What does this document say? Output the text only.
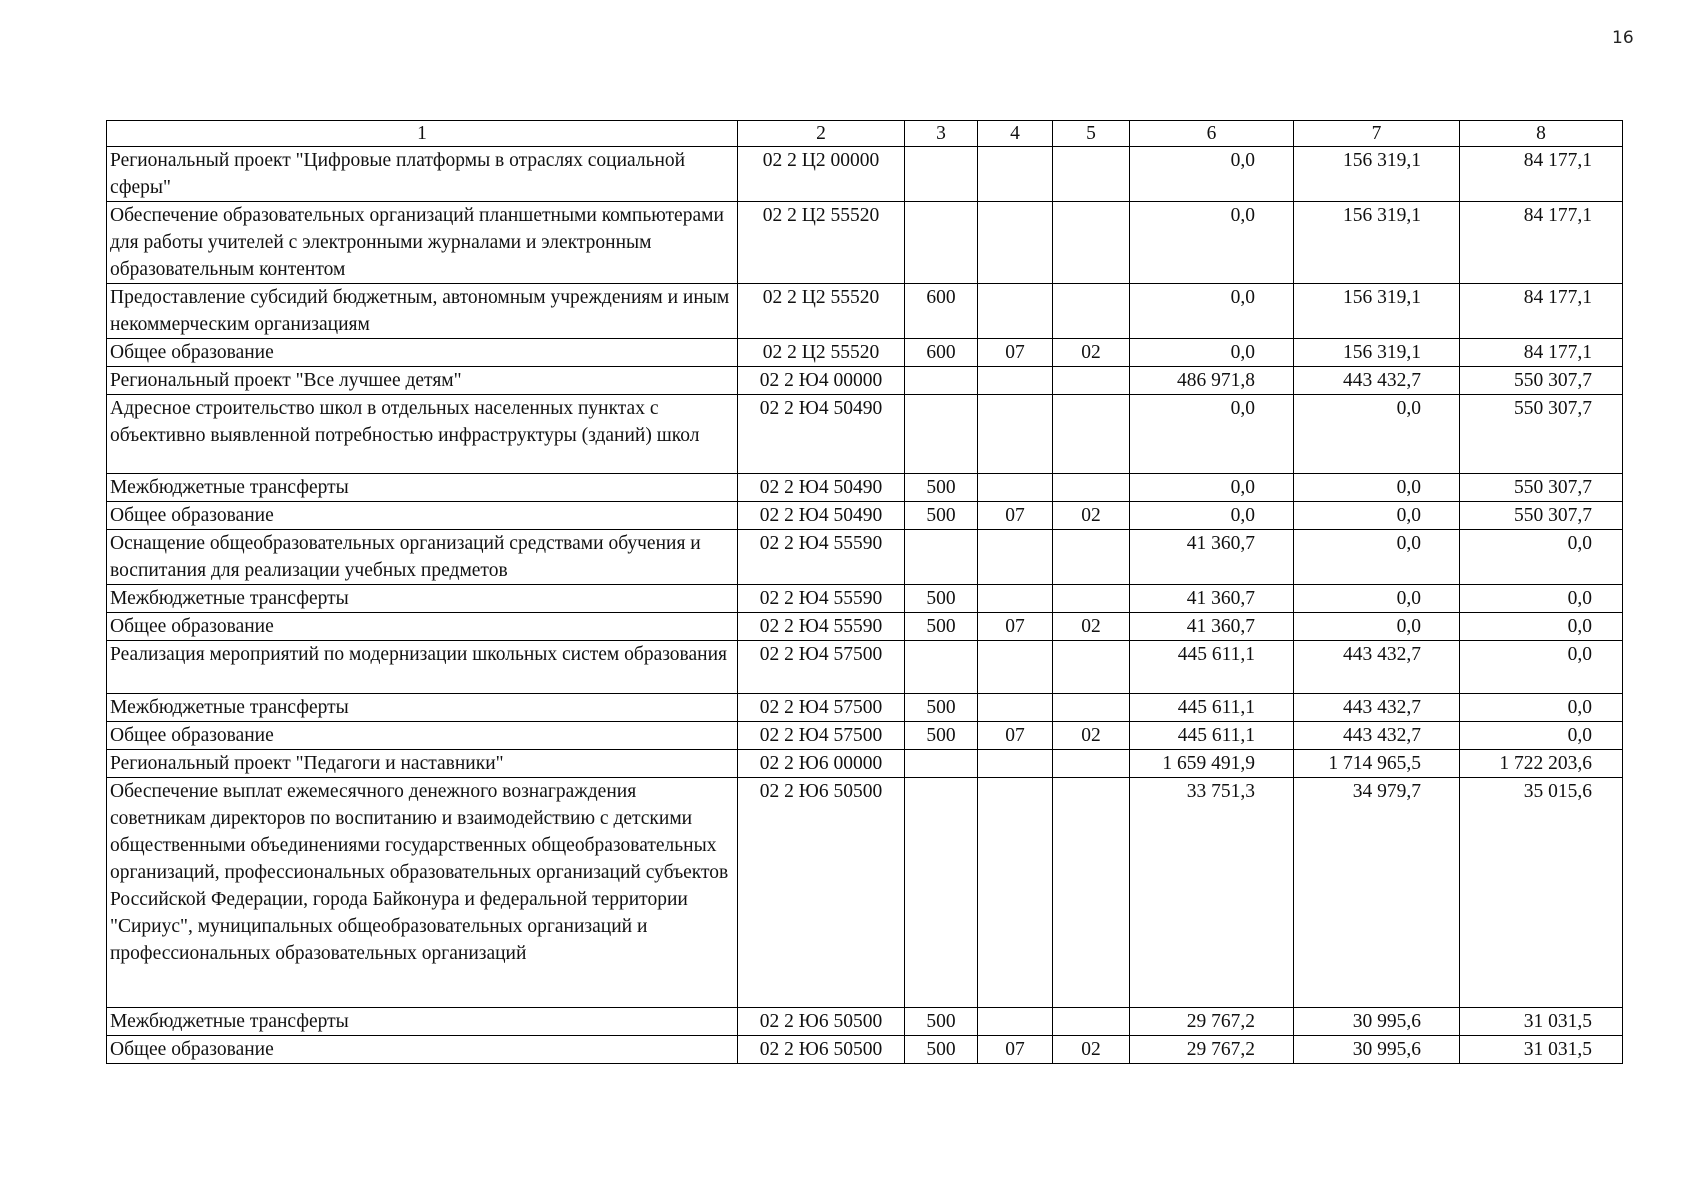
16
1	2	3	4	5	6	7	8
Региональный проект "Цифровые платформы в отраслях социальной сферы"	02 2 Ц2 00000				0,0	156 319,1	84 177,1
Обеспечение образовательных организаций планшетными компьютерами для работы учителей с электронными журналами и электронным образовательным контентом	02 2 Ц2 55520				0,0	156 319,1	84 177,1
Предоставление субсидий бюджетным, автономным учреждениям и иным некоммерческим организациям	02 2 Ц2 55520	600			0,0	156 319,1	84 177,1
Общее образование	02 2 Ц2 55520	600	07	02	0,0	156 319,1	84 177,1
Региональный проект "Все лучшее детям"	02 2 Ю4 00000				486 971,8	443 432,7	550 307,7
Адресное строительство школ в отдельных населенных пунктах с объективно выявленной потребностью инфраструктуры (зданий) школ	02 2 Ю4 50490				0,0	0,0	550 307,7
Межбюджетные трансферты	02 2 Ю4 50490	500			0,0	0,0	550 307,7
Общее образование	02 2 Ю4 50490	500	07	02	0,0	0,0	550 307,7
Оснащение общеобразовательных организаций средствами обучения и воспитания для реализации учебных предметов	02 2 Ю4 55590				41 360,7	0,0	0,0
Межбюджетные трансферты	02 2 Ю4 55590	500			41 360,7	0,0	0,0
Общее образование	02 2 Ю4 55590	500	07	02	41 360,7	0,0	0,0
Реализация мероприятий по модернизации школьных систем образования	02 2 Ю4 57500				445 611,1	443 432,7	0,0
Межбюджетные трансферты	02 2 Ю4 57500	500			445 611,1	443 432,7	0,0
Общее образование	02 2 Ю4 57500	500	07	02	445 611,1	443 432,7	0,0
Региональный проект "Педагоги и наставники"	02 2 Ю6 00000				1 659 491,9	1 714 965,5	1 722 203,6
Обеспечение выплат ежемесячного денежного вознаграждения советникам директоров по воспитанию и взаимодействию с детскими общественными объединениями государственных общеобразовательных организаций, профессиональных образовательных организаций субъектов Российской Федерации, города Байконура и федеральной территории "Сириус", муниципальных общеобразовательных организаций и профессиональных образовательных организаций	02 2 Ю6 50500				33 751,3	34 979,7	35 015,6
Межбюджетные трансферты	02 2 Ю6 50500	500			29 767,2	30 995,6	31 031,5
Общее образование	02 2 Ю6 50500	500	07	02	29 767,2	30 995,6	31 031,5
